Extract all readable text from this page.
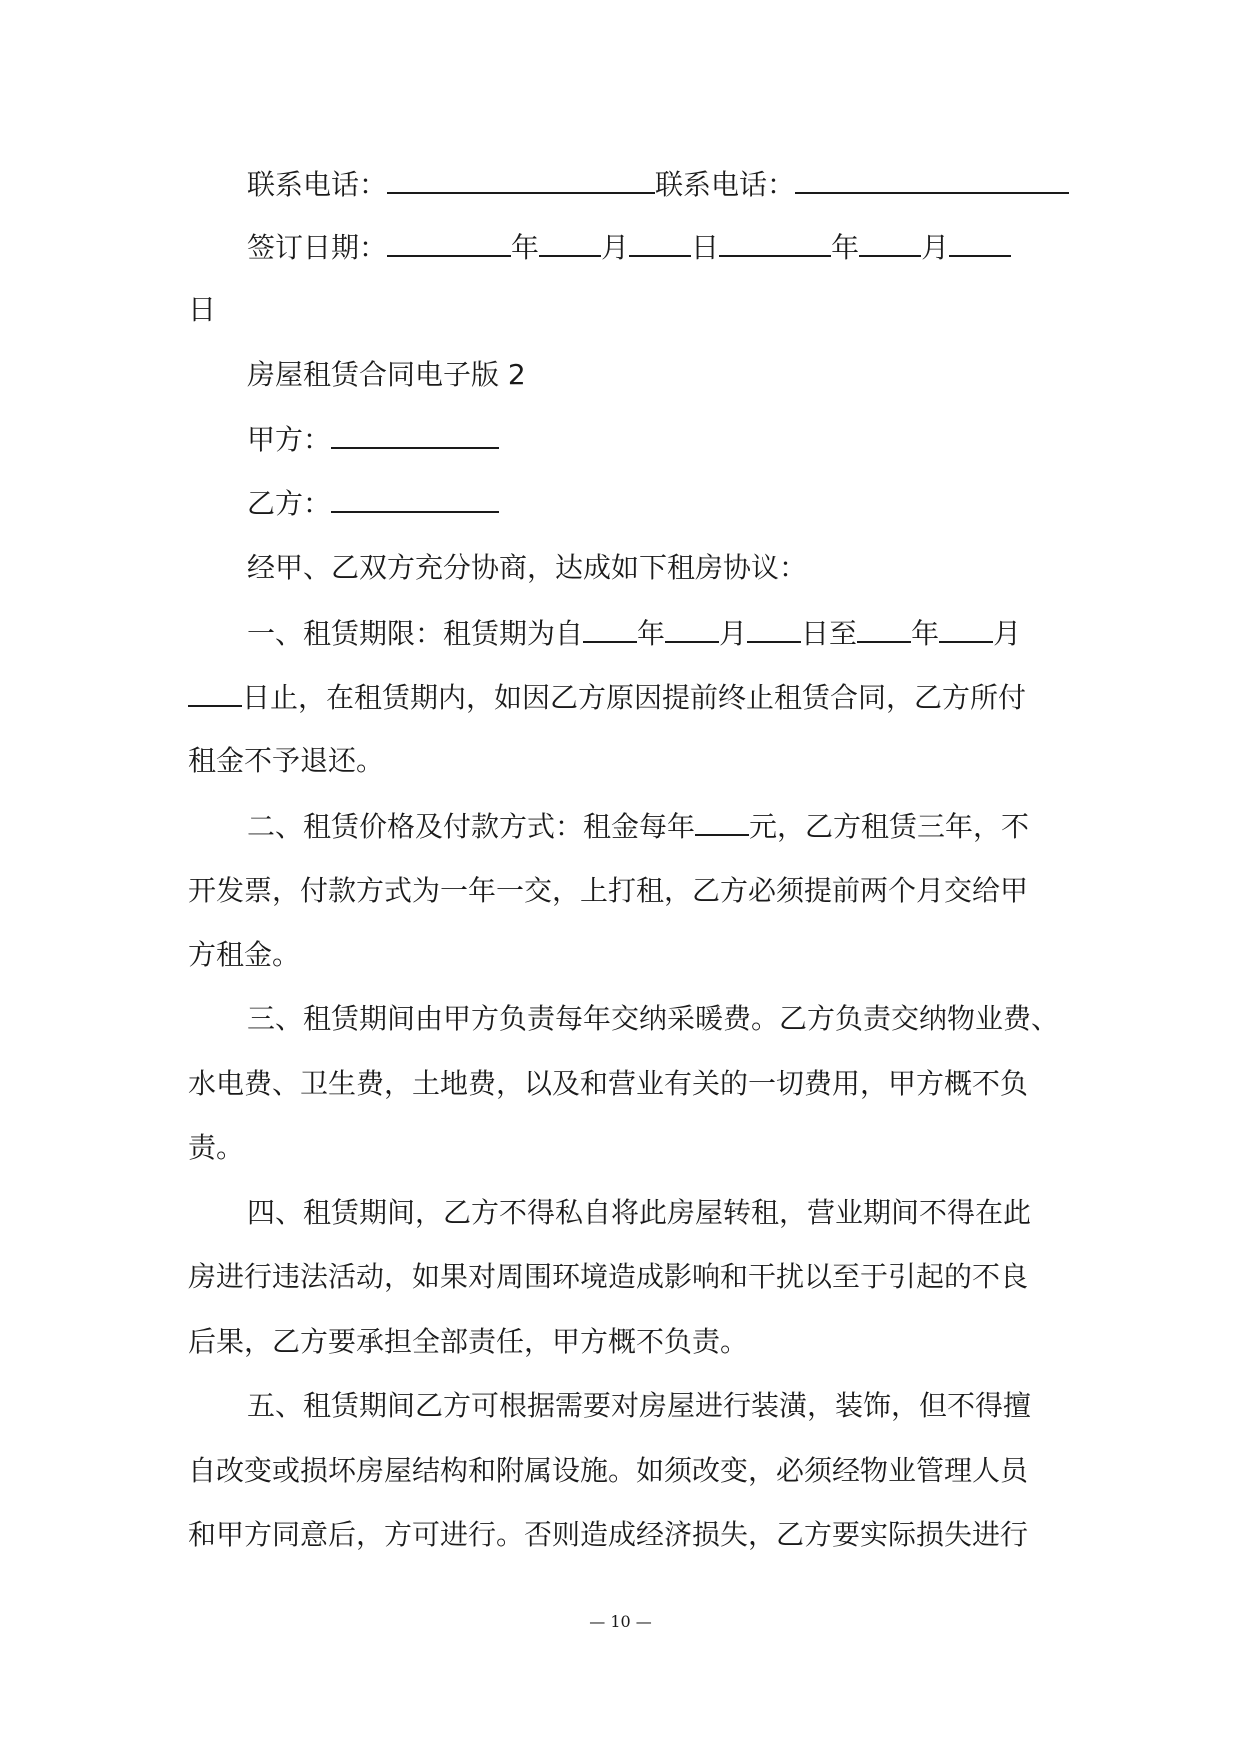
联系电话：	联系电话：
签订日期：	年 月 日	年 月
日
房屋租赁合同电子版 2
甲方：
乙方：
经甲、乙双方充分协商，达成如下租房协议：
一、租赁期限：租赁期为自 年 月 日至 年 月
日止，在租赁期内，如因乙方原因提前终止租赁合同，乙方所付
租金不予退还。
二、租赁价格及付款方式：租金每年 元，乙方租赁三年，不
开发票，付款方式为一年一交，上打租，乙方必须提前两个月交给甲
方租金。
三、租赁期间由甲方负责每年交纳采暖费。乙方负责交纳物业费、
水电费、卫生费，土地费，以及和营业有关的一切费用，甲方概不负
责。
四、租赁期间，乙方不得私自将此房屋转租，营业期间不得在此
房进行违法活动，如果对周围环境造成影响和干扰以至于引起的不良
后果，乙方要承担全部责任，甲方概不负责。
五、租赁期间乙方可根据需要对房屋进行装潢，装饰，但不得擅
自改变或损坏房屋结构和附属设施。如须改变，必须经物业管理人员
和甲方同意后，方可进行。否则造成经济损失，乙方要实际损失进行
— 10 —
